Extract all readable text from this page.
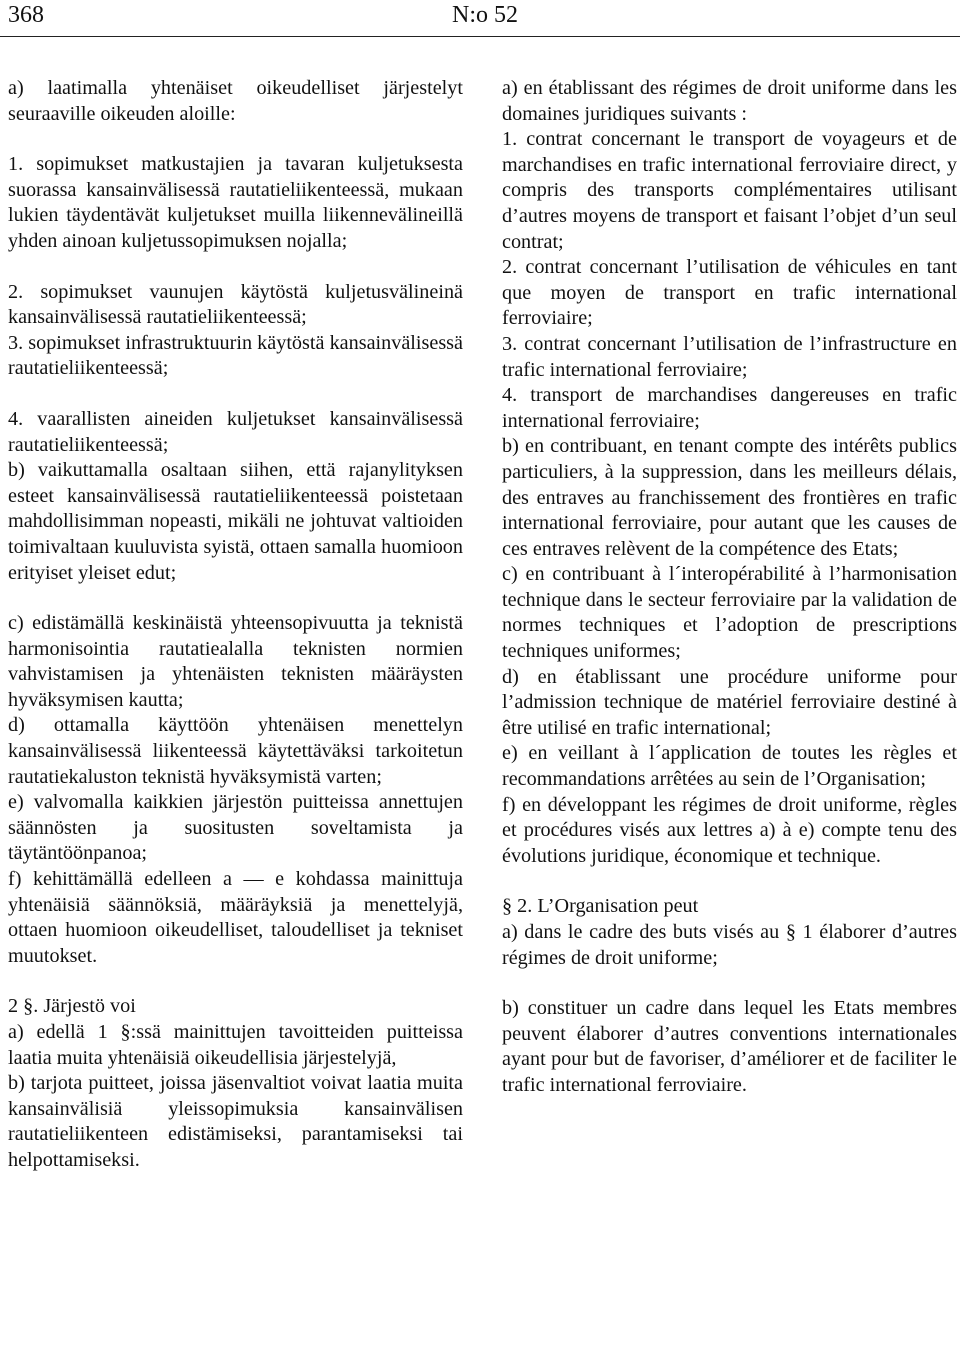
368	N:o 52

a) laatimalla yhtenäiset oikeudelliset järjestelyt seuraaville oikeuden aloille:

1. sopimukset matkustajien ja tavaran kuljetuksesta suorassa kansainvälisessä rautatieliikenteessä, mukaan lukien täydentävät kuljetukset muilla liikennevälineillä yhden ainoan kuljetussopimuksen nojalla;

2. sopimukset vaunujen käytöstä kuljetusvälineinä kansainvälisessä rautatieliikenteessä;

3. sopimukset infrastruktuurin käytöstä kansainvälisessä rautatieliikenteessä;

4. vaarallisten aineiden kuljetukset kansainvälisessä rautatieliikenteessä;

b) vaikuttamalla osaltaan siihen, että rajanylityksen esteet kansainvälisessä rautatieliikenteessä poistetaan mahdollisimman nopeasti, mikäli ne johtuvat valtioiden toimivaltaan kuuluvista syistä, ottaen samalla huomioon erityiset yleiset edut;

c) edistämällä keskinäistä yhteensopivuutta ja teknistä harmonisointia rautatiealalla teknisten normien vahvistamisen ja yhtenäisten teknisten määräysten hyväksymisen kautta;

d) ottamalla käyttöön yhtenäisen menettelyn kansainvälisessä liikenteessä käytettäväksi tarkoitetun rautatiekaluston teknistä hyväksymistä varten;

e) valvomalla kaikkien järjestön puitteissa annettujen säännösten ja suositusten soveltamista ja täytäntöönpanoa;

f) kehittämällä edelleen a — e kohdassa mainittuja yhtenäisiä säännöksiä, määräyksiä ja menettelyjä, ottaen huomioon oikeudelliset, taloudelliset ja tekniset muutokset.

2 §. Järjestö voi

a) edellä 1 §:ssä mainittujen tavoitteiden puitteissa laatia muita yhtenäisiä oikeudellisia järjestelyjä,

b) tarjota puitteet, joissa jäsenvaltiot voivat laatia muita kansainvälisiä yleissopimuksia kansainvälisen rautatieliikenteen edistämiseksi, parantamiseksi tai helpottamiseksi.

a) en établissant des régimes de droit uniforme dans les domaines juridiques suivants :

1. contrat concernant le transport de voyageurs et de marchandises en trafic international ferroviaire direct, y compris des transports complémentaires utilisant d’autres moyens de transport et faisant l’objet d’un seul contrat;

2. contrat concernant l’utilisation de véhicules en tant que moyen de transport en trafic international ferroviaire;

3. contrat concernant l’utilisation de l’infrastructure en trafic international ferroviaire;

4. transport de marchandises dangereuses en trafic international ferroviaire;

b) en contribuant, en tenant compte des intérêts publics particuliers, à la suppression, dans les meilleurs délais, des entraves au franchissement des frontières en trafic international ferroviaire, pour autant que les causes de ces entraves relèvent de la compétence des Etats;

c) en contribuant à l´interopérabilité à l’harmonisation technique dans le secteur ferroviaire par la validation de normes techniques et l’adoption de prescriptions techniques uniformes;

d) en établissant une procédure uniforme pour l’admission technique de matériel ferroviaire destiné à être utilisé en trafic international;

e) en veillant à l´application de toutes les règles et recommandations arrêtées au sein de l’Organisation;

f) en développant les régimes de droit uniforme, règles et procédures visés aux lettres a) à e) compte tenu des évolutions juridique, économique et technique.

§ 2. L’Organisation peut

a) dans le cadre des buts visés au § 1 élaborer d’autres régimes de droit uniforme;

b) constituer un cadre dans lequel les Etats membres peuvent élaborer d’autres conventions internationales ayant pour but de favoriser, d’améliorer et de faciliter le trafic international ferroviaire.
